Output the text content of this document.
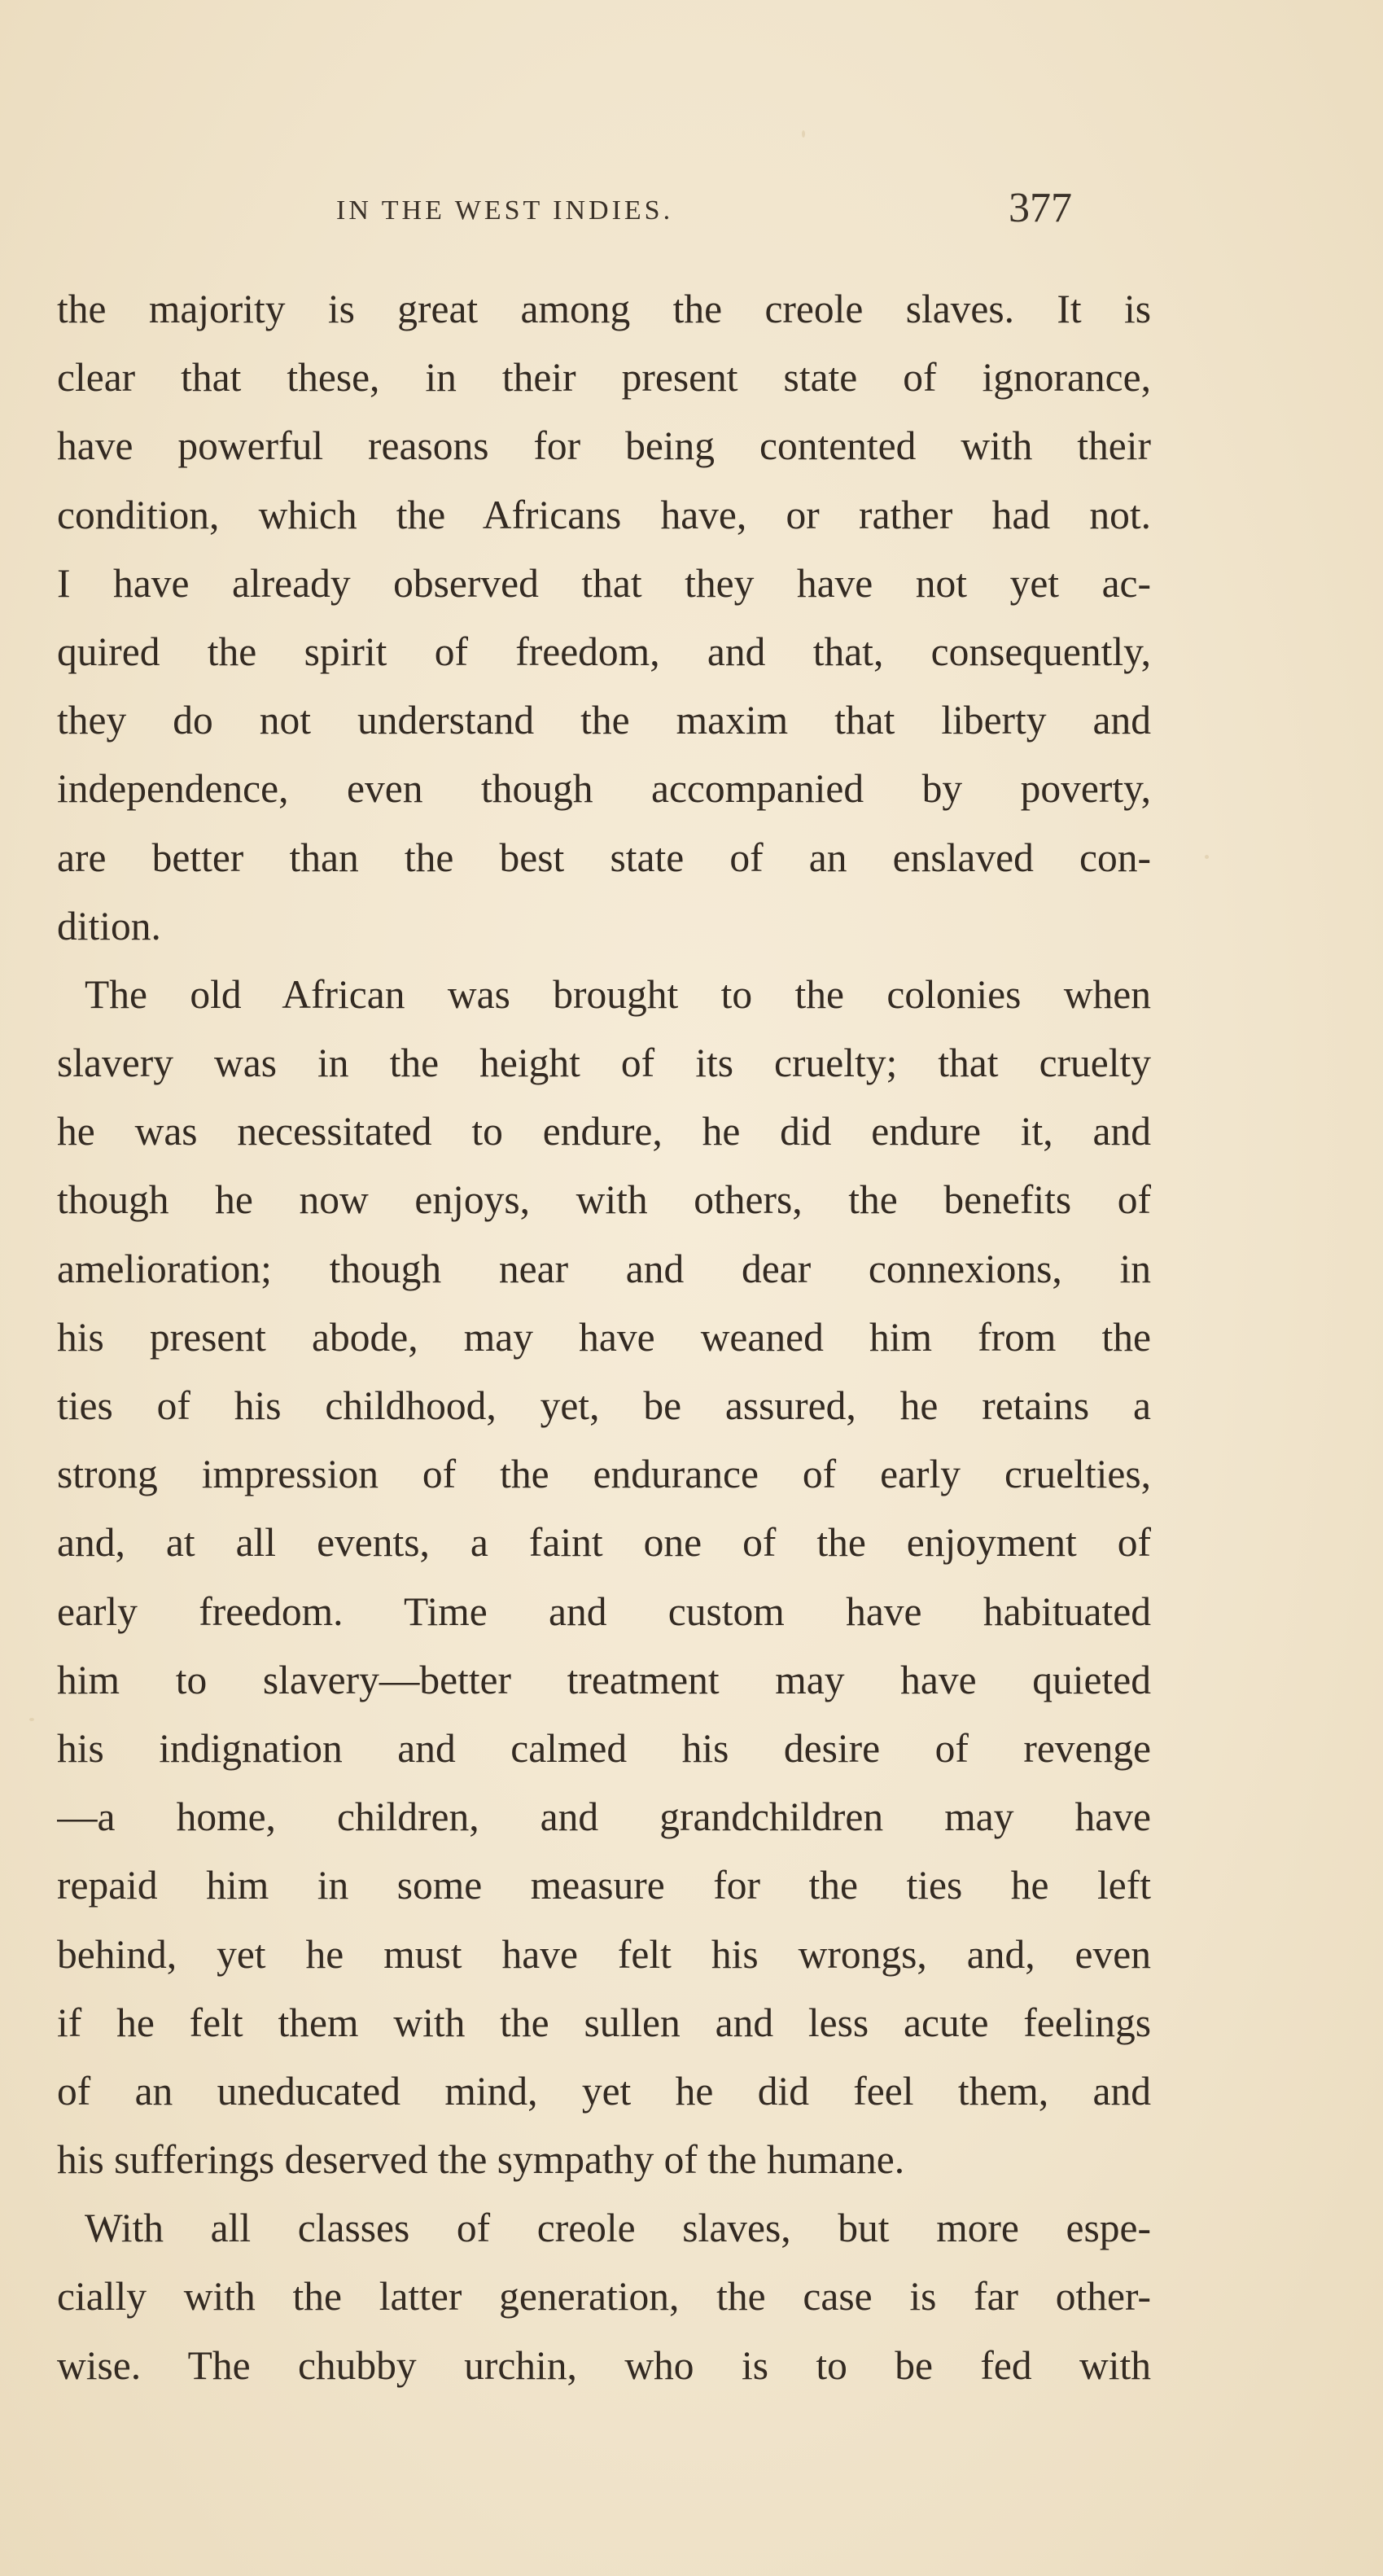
IN THE WEST INDIES.	377
the majority is great among the creole slaves. It is
clear that these, in their present state of ignorance,
have powerful reasons for being contented with their
condition, which the Africans have, or rather had not.
I have already observed that they have not yet ac-
quired the spirit of freedom, and that, consequently,
they do not understand the maxim that liberty and
independence, even though accompanied by poverty,
are better than the best state of an enslaved con-
dition.
The old African was brought to the colonies when
slavery was in the height of its cruelty; that cruelty
he was necessitated to endure, he did endure it, and
though he now enjoys, with others, the benefits of
amelioration; though near and dear connexions, in
his present abode, may have weaned him from the
ties of his childhood, yet, be assured, he retains a
strong impression of the endurance of early cruelties,
and, at all events, a faint one of the enjoyment of
early freedom. Time and custom have habituated
him to slavery—better treatment may have quieted
his indignation and calmed his desire of revenge
—a home, children, and grandchildren may have
repaid him in some measure for the ties he left
behind, yet he must have felt his wrongs, and, even
if he felt them with the sullen and less acute feelings
of an uneducated mind, yet he did feel them, and
his sufferings deserved the sympathy of the humane.
With all classes of creole slaves, but more espe-
cially with the latter generation, the case is far other-
wise. The chubby urchin, who is to be fed with
